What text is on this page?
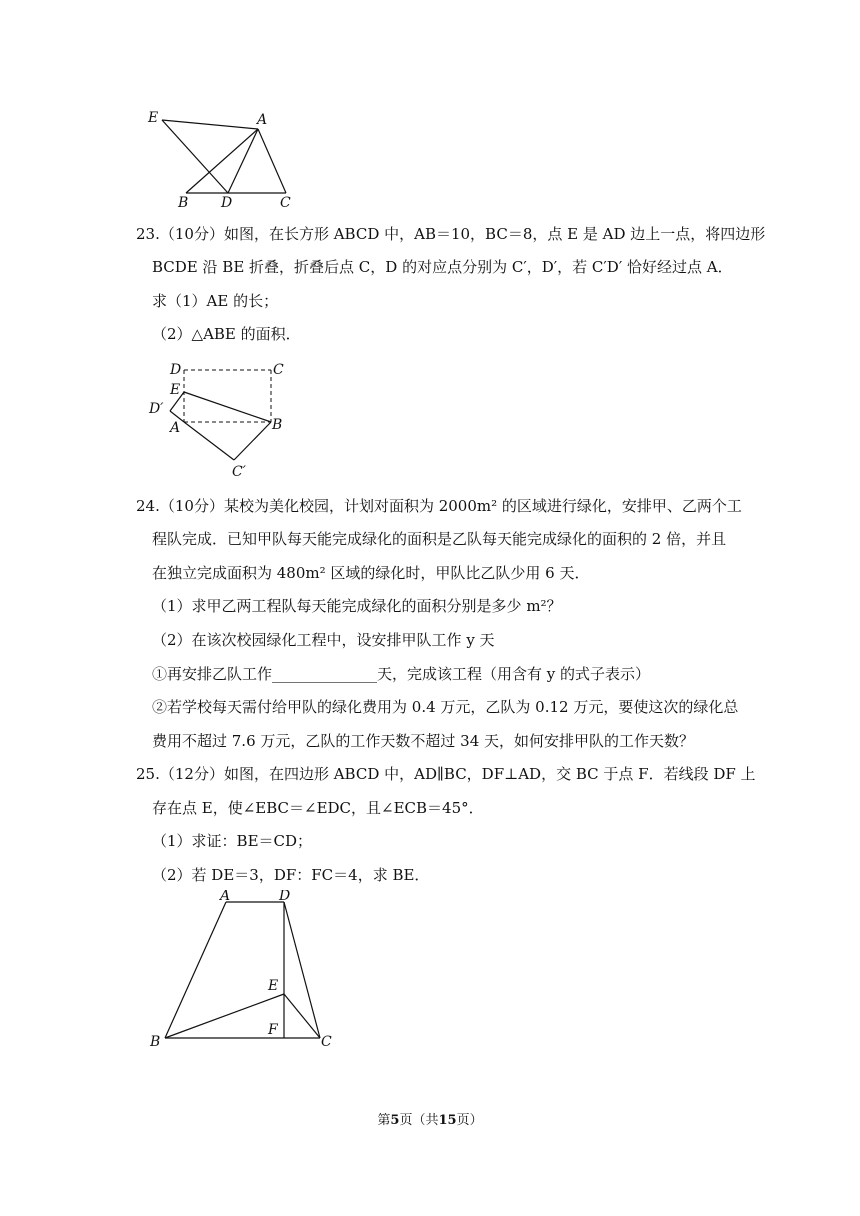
E	A
B D	C
23.（10分）如图，在长方形 ABCD 中，AB＝10，BC＝8，点 E 是 AD 边上一点，将四边形
BCDE 沿 BE 折叠，折叠后点 C，D 的对应点分别为 C′，D′，若 C′D′ 恰好经过点 A．
求（1）AE 的长；
（2）△ABE 的面积．
D	C
E
D′
A	B
C′
24.（10分）某校为美化校园，计划对面积为 2000m² 的区域进行绿化，安排甲、乙两个工
程队完成．已知甲队每天能完成绿化的面积是乙队每天能完成绿化的面积的 2 倍，并且
在独立完成面积为 480m² 区域的绿化时，甲队比乙队少用 6 天．
（1）求甲乙两工程队每天能完成绿化的面积分别是多少 m²？
（2）在该次校园绿化工程中，设安排甲队工作 y 天
①再安排乙队工作______________天，完成该工程（用含有 y 的式子表示）
②若学校每天需付给甲队的绿化费用为 0.4 万元，乙队为 0.12 万元，要使这次的绿化总
费用不超过 7.6 万元，乙队的工作天数不超过 34 天，如何安排甲队的工作天数？
25.（12分）如图，在四边形 ABCD 中，AD∥BC，DF⊥AD，交 BC 于点 F．若线段 DF 上
存在点 E，使∠EBC＝∠EDC，且∠ECB＝45°．
（1）求证：BE＝CD；
（2）若 DE＝3，DF：FC＝4，求 BE．
A	D
E
F
B	C
第5页（共15页）
